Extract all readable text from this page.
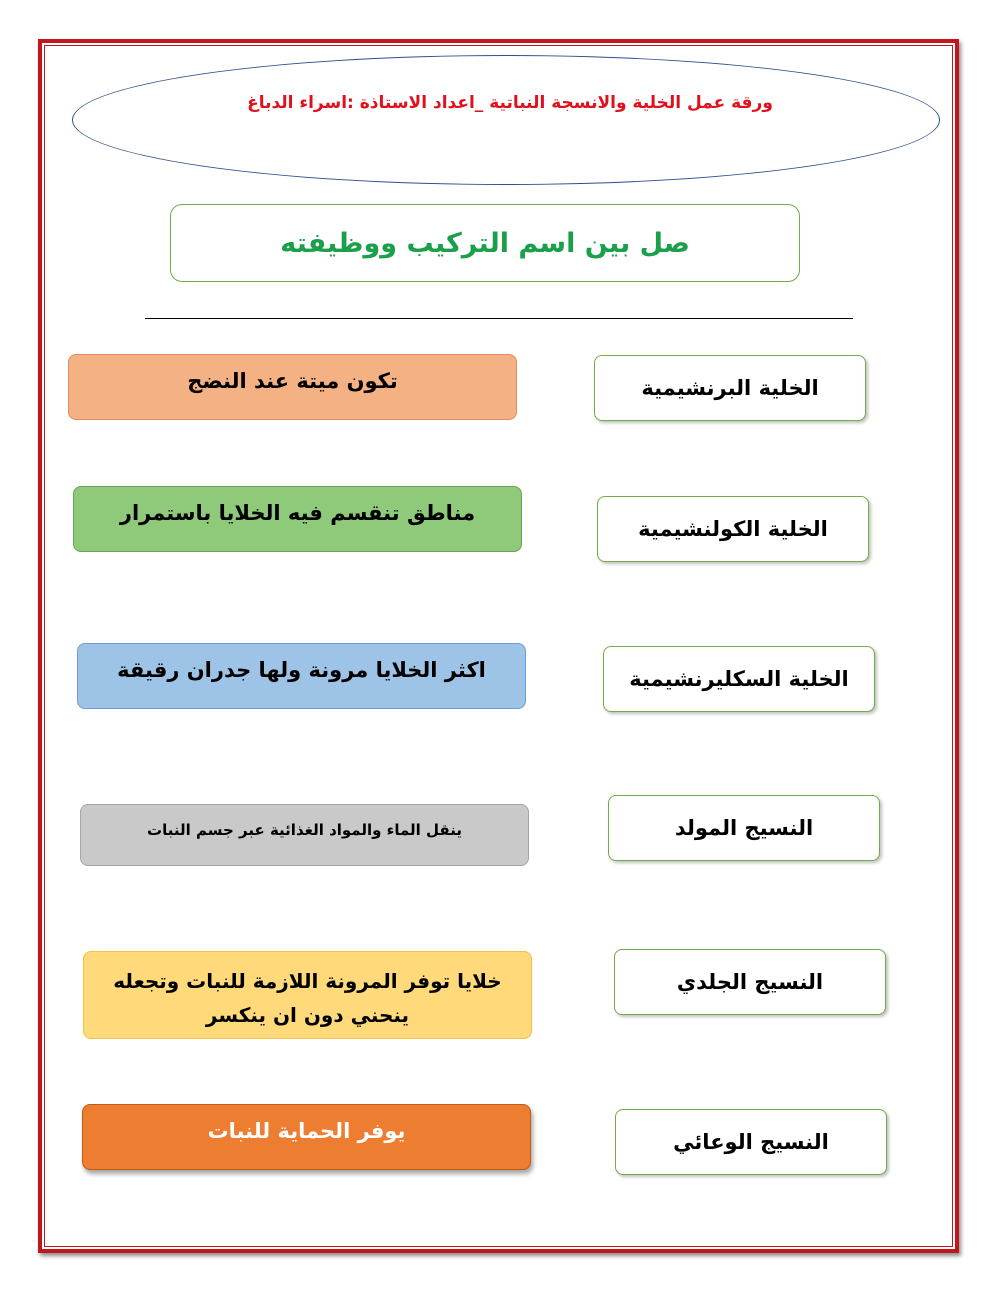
ورقة عمل الخلية والانسجة النباتية _اعداد الاستاذة :اسراء الدباغ
صل بين اسم التركيب ووظيفته
تكون ميتة عند النضج
مناطق تنقسم فيه الخلايا باستمرار
اكثر الخلايا مرونة ولها جدران رقيقة
ينقل الماء والمواد الغذائية عبر جسم النبات
خلايا توفر المرونة اللازمة للنبات وتجعله
ينحني دون ان ينكسر
يوفر الحماية للنبات
الخلية البرنشيمية
الخلية الكولنشيمية
الخلية السكليرنشيمية
النسيج المولد
النسيج الجلدي
النسيج الوعائي
